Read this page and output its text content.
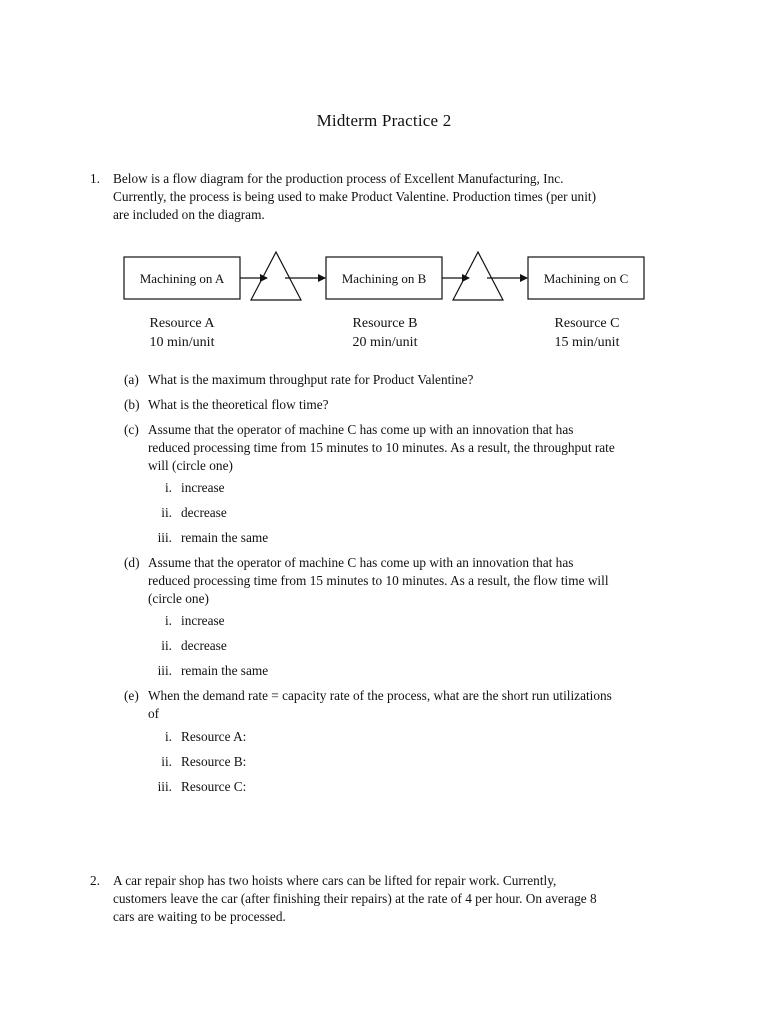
Midterm Practice 2
1. Below is a flow diagram for the production process of Excellent Manufacturing, Inc.
Currently, the process is being used to make Product Valentine. Production times (per unit)
are included on the diagram.
Machining on A	Machining on B	Machining on C
Resource A
10 min/unit
Resource B
20 min/unit
Resource C
15 min/unit
(a) What is the maximum throughput rate for Product Valentine?
(b) What is the theoretical flow time?
(c) Assume that the operator of machine C has come up with an innovation that has
reduced processing time from 15 minutes to 10 minutes. As a result, the throughput rate
will (circle one)
i. increase
ii. decrease
iii. remain the same
(d) Assume that the operator of machine C has come up with an innovation that has
reduced processing time from 15 minutes to 10 minutes. As a result, the flow time will
(circle one)
i. increase
ii. decrease
iii. remain the same
(e) When the demand rate = capacity rate of the process, what are the short run utilizations
of
i. Resource A:
ii. Resource B:
iii. Resource C:
2. A car repair shop has two hoists where cars can be lifted for repair work. Currently,
customers leave the car (after finishing their repairs) at the rate of 4 per hour. On average 8
cars are waiting to be processed.
